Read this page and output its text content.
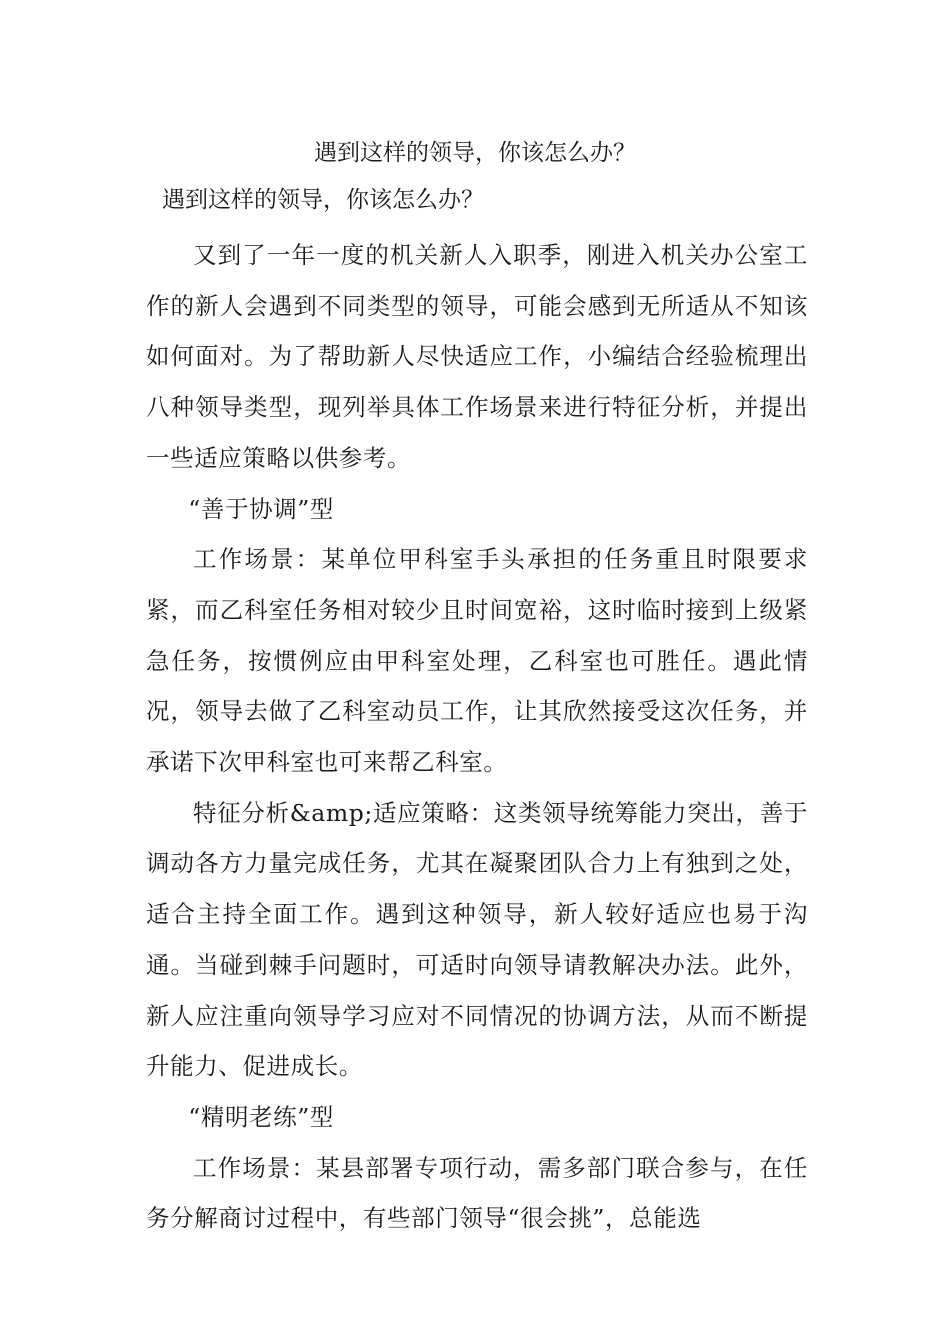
遇到这样的领导，你该怎么办？
遇到这样的领导，你该怎么办？

又到了一年一度的机关新人入职季，刚进入机关办公室工作的新人会遇到不同类型的领导，可能会感到无所适从不知该如何面对。为了帮助新人尽快适应工作，小编结合经验梳理出八种领导类型，现列举具体工作场景来进行特征分析，并提出一些适应策略以供参考。

“善于协调”型

工作场景：某单位甲科室手头承担的任务重且时限要求紧，而乙科室任务相对较少且时间宽裕，这时临时接到上级紧急任务，按惯例应由甲科室处理，乙科室也可胜任。遇此情况，领导去做了乙科室动员工作，让其欣然接受这次任务，并承诺下次甲科室也可来帮乙科室。

特征分析&amp;适应策略：这类领导统筹能力突出，善于调动各方力量完成任务，尤其在凝聚团队合力上有独到之处，适合主持全面工作。遇到这种领导，新人较好适应也易于沟通。当碰到棘手问题时，可适时向领导请教解决办法。此外，新人应注重向领导学习应对不同情况的协调方法，从而不断提升能力、促进成长。

“精明老练”型

工作场景：某县部署专项行动，需多部门联合参与，在任务分解商讨过程中，有些部门领导“很会挑”，总能选
